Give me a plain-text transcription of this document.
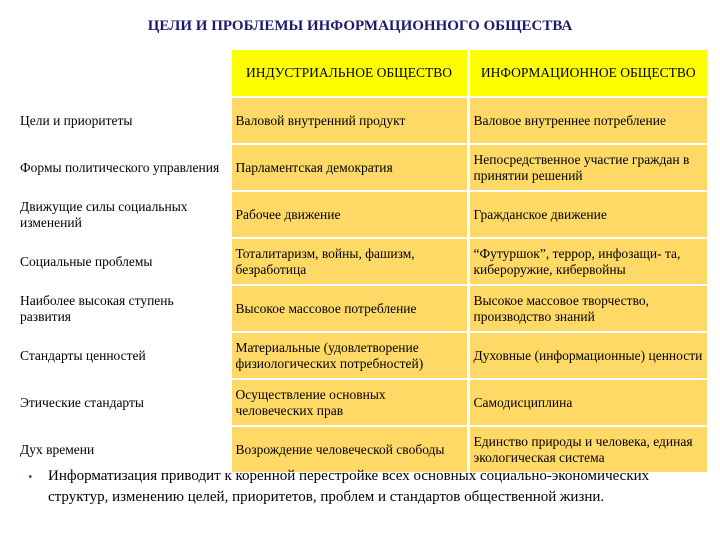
ЦЕЛИ И ПРОБЛЕМЫ ИНФОРМАЦИОННОГО ОБЩЕСТВА
	ИНДУСТРИАЛЬНОЕ ОБЩЕСТВО	ИНФОРМАЦИОННОЕ ОБЩЕСТВО
Цели и приоритеты	Валовой внутренний продукт	Валовое внутреннее потребление
Формы политического управления	Парламентская демократия	Непосредственное участие граждан в принятии решений
Движущие силы социальных изменений	Рабочее движение	Гражданское движение
Социальные проблемы	Тоталитаризм, войны, фашизм, безработица	“Футуршок”, террор, инфозащи- та, кибероружие, кибервойны
Наиболее высокая ступень развития	Высокое массовое потребление	Высокое массовое творчество, производство знаний
Стандарты ценностей	Материальные (удовлетворение физиологических потребностей)	Духовные (информационные) ценности
Этические стандарты	Осуществление основных человеческих прав	Самодисциплина
Дух времени	Возрождение человеческой свободы	Единство природы и человека, единая экологическая система
•	Информатизация приводит к коренной перестройке всех основных социально-экономических структур, изменению целей, приоритетов, проблем и стандартов общественной жизни.
